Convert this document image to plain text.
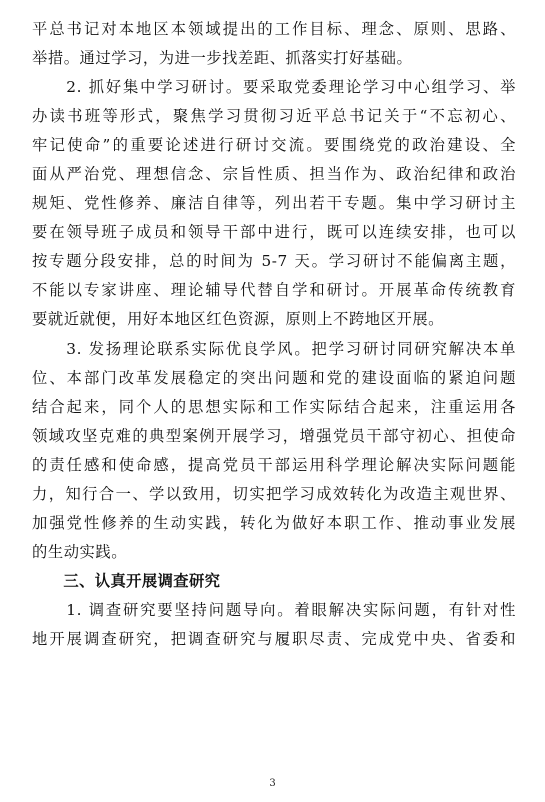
平总书记对本地区本领域提出的工作目标、理念、原则、思路、
举措。通过学习，为进一步找差距、抓落实打好基础。
　　2. 抓好集中学习研讨。要采取党委理论学习中心组学习、举
办读书班等形式，聚焦学习贯彻习近平总书记关于“不忘初心、
牢记使命”的重要论述进行研讨交流。要围绕党的政治建设、全
面从严治党、理想信念、宗旨性质、担当作为、政治纪律和政治
规矩、党性修养、廉洁自律等，列出若干专题。集中学习研讨主
要在领导班子成员和领导干部中进行，既可以连续安排，也可以
按专题分段安排，总的时间为 5-7 天。学习研讨不能偏离主题，
不能以专家讲座、理论辅导代替自学和研讨。开展革命传统教育
要就近就便，用好本地区红色资源，原则上不跨地区开展。
　　3. 发扬理论联系实际优良学风。把学习研讨同研究解决本单
位、本部门改革发展稳定的突出问题和党的建设面临的紧迫问题
结合起来，同个人的思想实际和工作实际结合起来，注重运用各
领域攻坚克难的典型案例开展学习，增强党员干部守初心、担使命
的责任感和使命感，提高党员干部运用科学理论解决实际问题能
力，知行合一、学以致用，切实把学习成效转化为改造主观世界、
加强党性修养的生动实践，转化为做好本职工作、推动事业发展
的生动实践。
　　三、认真开展调查研究
　　1. 调查研究要坚持问题导向。着眼解决实际问题，有针对性
地开展调查研究，把调查研究与履职尽责、完成党中央、省委和
3
